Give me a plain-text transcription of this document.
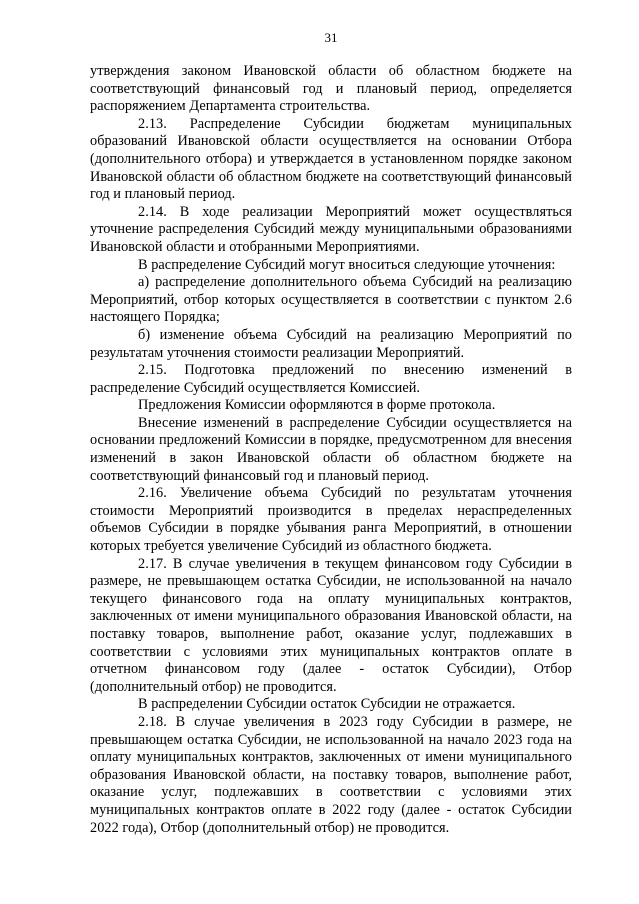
31

утверждения законом Ивановской области об областном бюджете на соответствующий финансовый год и плановый период, определяется распоряжением Департамента строительства.

2.13. Распределение Субсидии бюджетам муниципальных образований Ивановской области осуществляется на основании Отбора (дополнительного отбора) и утверждается в установленном порядке законом Ивановской области об областном бюджете на соответствующий финансовый год и плановый период.

2.14. В ходе реализации Мероприятий может осуществляться уточнение распределения Субсидий между муниципальными образованиями Ивановской области и отобранными Мероприятиями.

В распределение Субсидий могут вноситься следующие уточнения:

а) распределение дополнительного объема Субсидий на реализацию Мероприятий, отбор которых осуществляется в соответствии с пунктом 2.6 настоящего Порядка;

б) изменение объема Субсидий на реализацию Мероприятий по результатам уточнения стоимости реализации Мероприятий.

2.15. Подготовка предложений по внесению изменений в распределение Субсидий осуществляется Комиссией.

Предложения Комиссии оформляются в форме протокола.

Внесение изменений в распределение Субсидии осуществляется на основании предложений Комиссии в порядке, предусмотренном для внесения изменений в закон Ивановской области об областном бюджете на соответствующий финансовый год и плановый период.

2.16. Увеличение объема Субсидий по результатам уточнения стоимости Мероприятий производится в пределах нераспределенных объемов Субсидии в порядке убывания ранга Мероприятий, в отношении которых требуется увеличение Субсидий из областного бюджета.

2.17. В случае увеличения в текущем финансовом году Субсидии в размере, не превышающем остатка Субсидии, не использованной на начало текущего финансового года на оплату муниципальных контрактов, заключенных от имени муниципального образования Ивановской области, на поставку товаров, выполнение работ, оказание услуг, подлежавших в соответствии с условиями этих муниципальных контрактов оплате в отчетном финансовом году (далее - остаток Субсидии), Отбор (дополнительный отбор) не проводится.

В распределении Субсидии остаток Субсидии не отражается.

2.18. В случае увеличения в 2023 году Субсидии в размере, не превышающем остатка Субсидии, не использованной на начало 2023 года на оплату муниципальных контрактов, заключенных от имени муниципального образования Ивановской области, на поставку товаров, выполнение работ, оказание услуг, подлежавших в соответствии с условиями этих муниципальных контрактов оплате в 2022 году (далее - остаток Субсидии 2022 года), Отбор (дополнительный отбор) не проводится.
